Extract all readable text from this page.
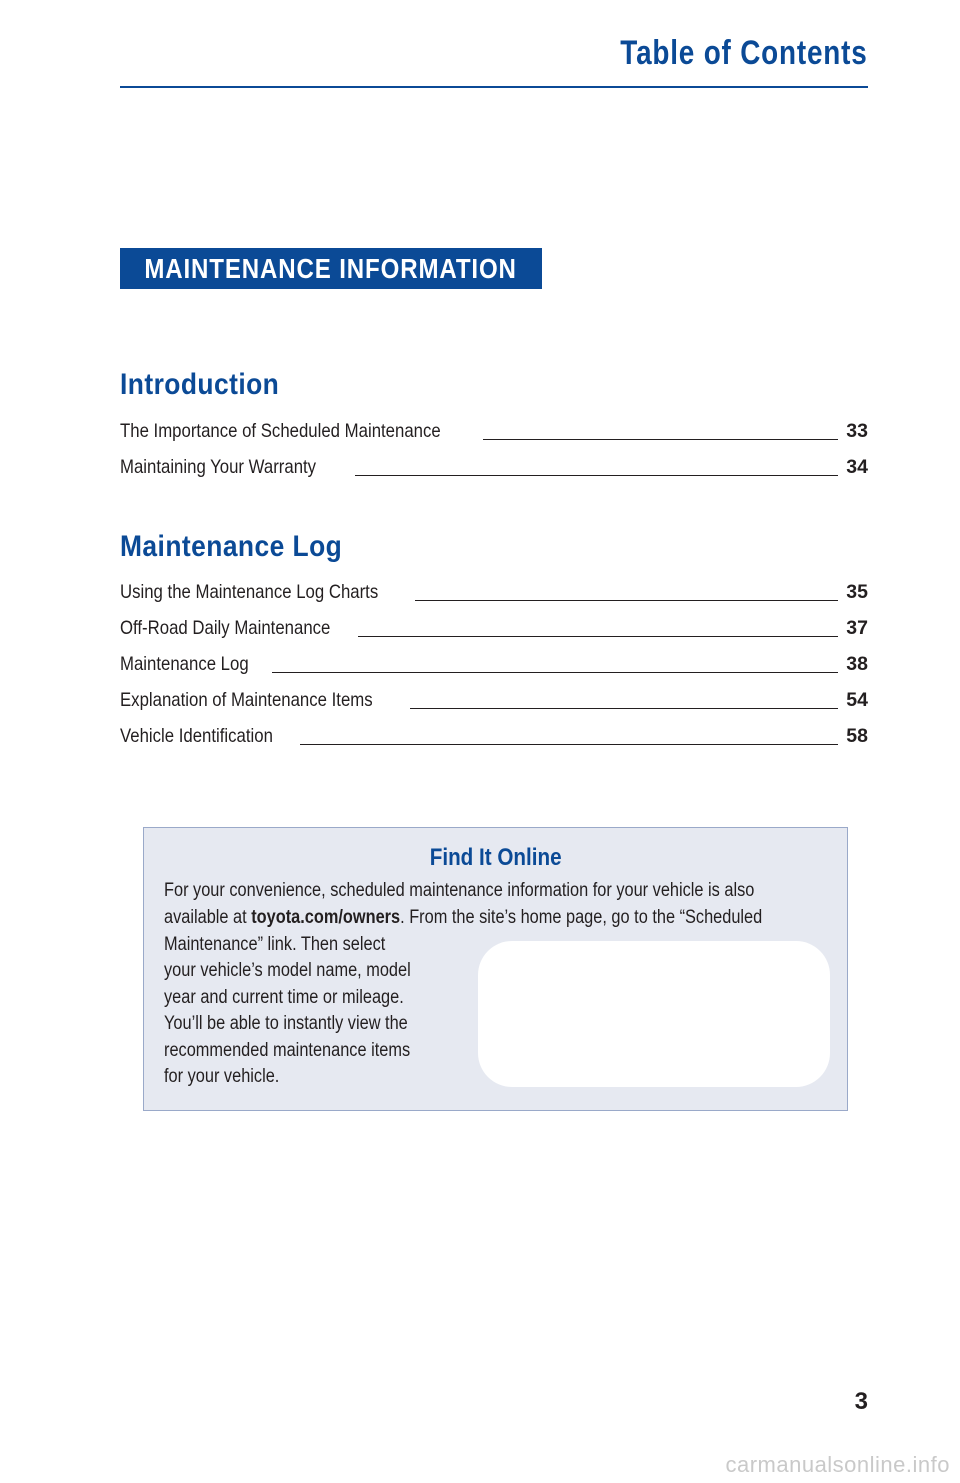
Table of Contents
MAINTENANCE INFORMATION
Introduction
The Importance of Scheduled Maintenance	33
Maintaining Your Warranty	34
Maintenance Log
Using the Maintenance Log Charts	35
Off-Road Daily Maintenance	37
Maintenance Log	38
Explanation of Maintenance Items	54
Vehicle Identification	58
Find It Online
For your convenience, scheduled maintenance information for your vehicle is also
available at toyota.com/owners. From the site’s home page, go to the “Scheduled
Maintenance” link. Then select
your vehicle’s model name, model
year and current time or mileage.
You’ll be able to instantly view the
recommended maintenance items
for your vehicle.
3
carmanualsonline.info
